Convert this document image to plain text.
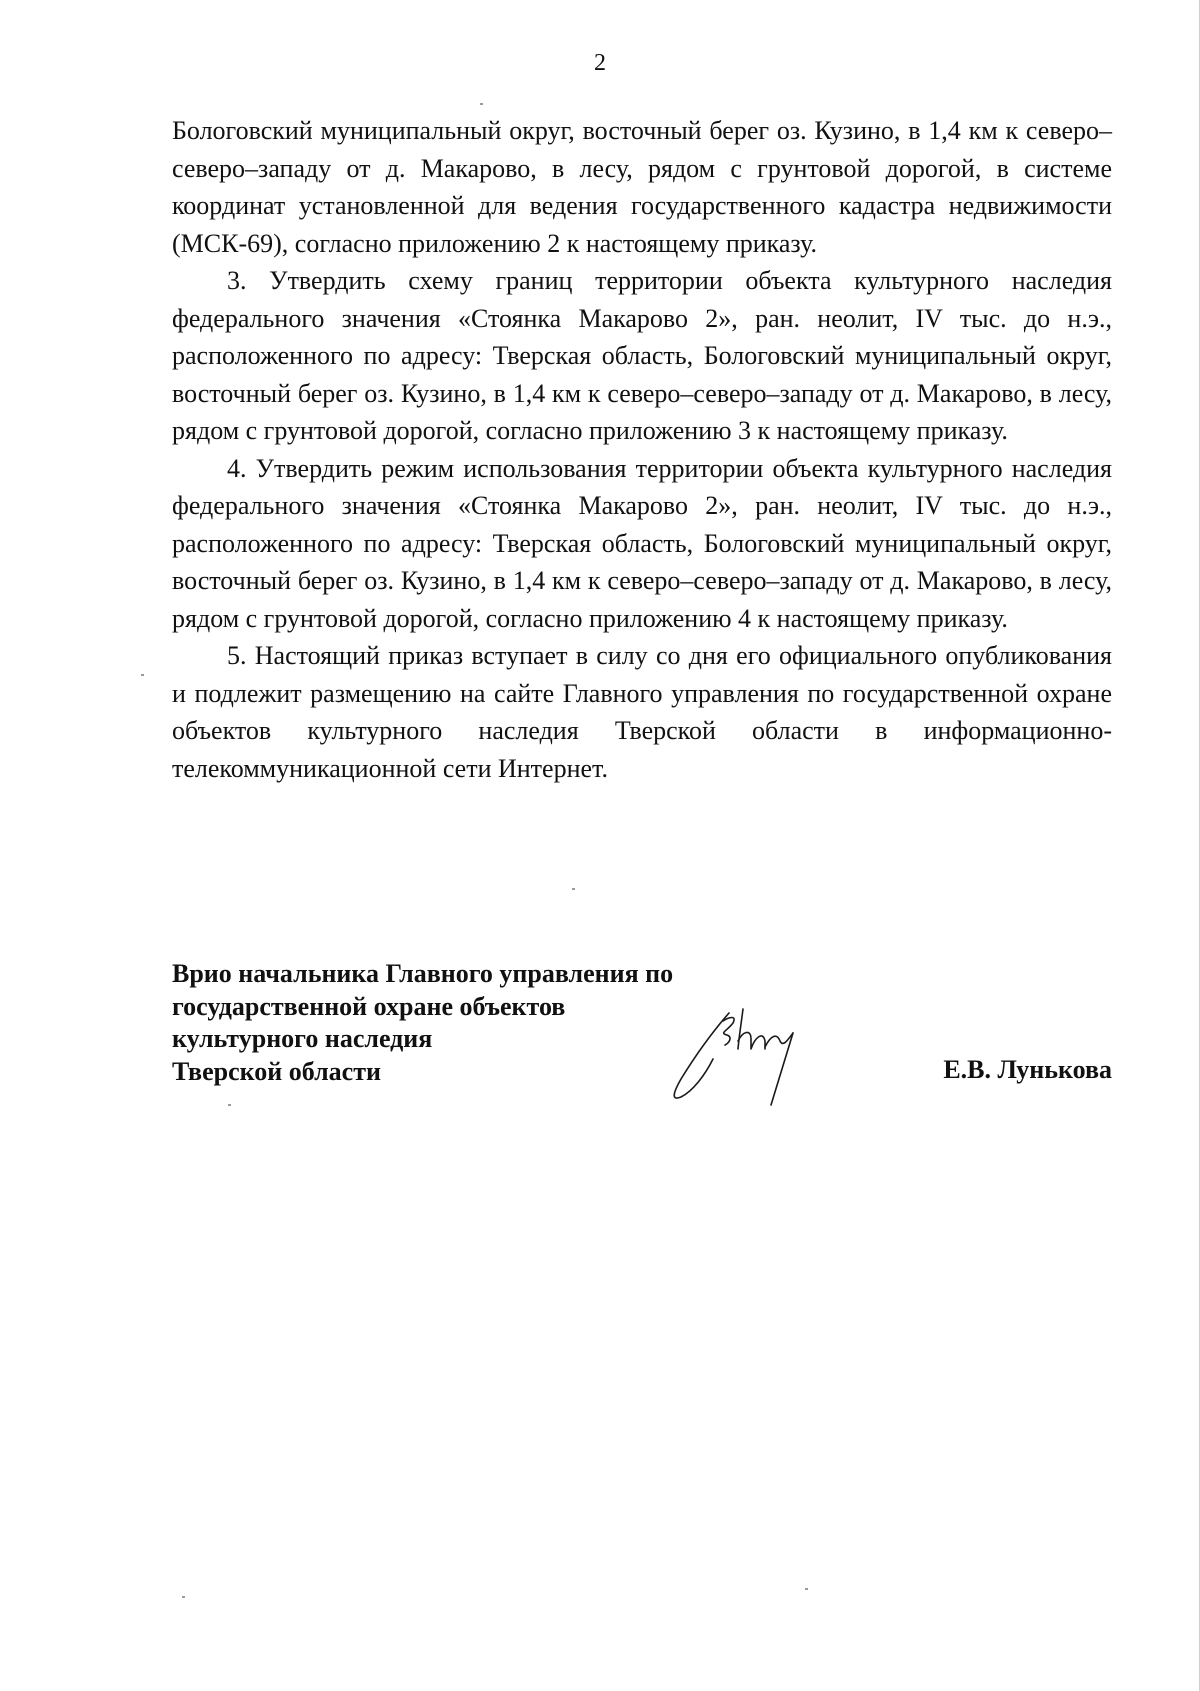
2

Бологовский муниципальный округ, восточный берег оз. Кузино, в 1,4 км к северо–северо–западу от д. Макарово, в лесу, рядом с грунтовой дорогой, в системе координат установленной для ведения государственного кадастра недвижимости (МСК-69), согласно приложению 2 к настоящему приказу.

3. Утвердить схему границ территории объекта культурного наследия федерального значения «Стоянка Макарово 2», ран. неолит, IV тыс. до н.э., расположенного по адресу: Тверская область, Бологовский муниципальный округ, восточный берег оз. Кузино, в 1,4 км к северо–северо–западу от д. Макарово, в лесу, рядом с грунтовой дорогой, согласно приложению 3 к настоящему приказу.

4. Утвердить режим использования территории объекта культурного наследия федерального значения «Стоянка Макарово 2», ран. неолит, IV тыс. до н.э., расположенного по адресу: Тверская область, Бологовский муниципальный округ, восточный берег оз. Кузино, в 1,4 км к северо–северо–западу от д. Макарово, в лесу, рядом с грунтовой дорогой, согласно приложению 4 к настоящему приказу.

5. Настоящий приказ вступает в силу со дня его официального опубликования и подлежит размещению на сайте Главного управления по государственной охране объектов культурного наследия Тверской области в информационно-телекоммуникационной сети Интернет.

Врио начальника Главного управления по
государственной охране объектов
культурного наследия
Тверской области	Е.В. Лунькова
